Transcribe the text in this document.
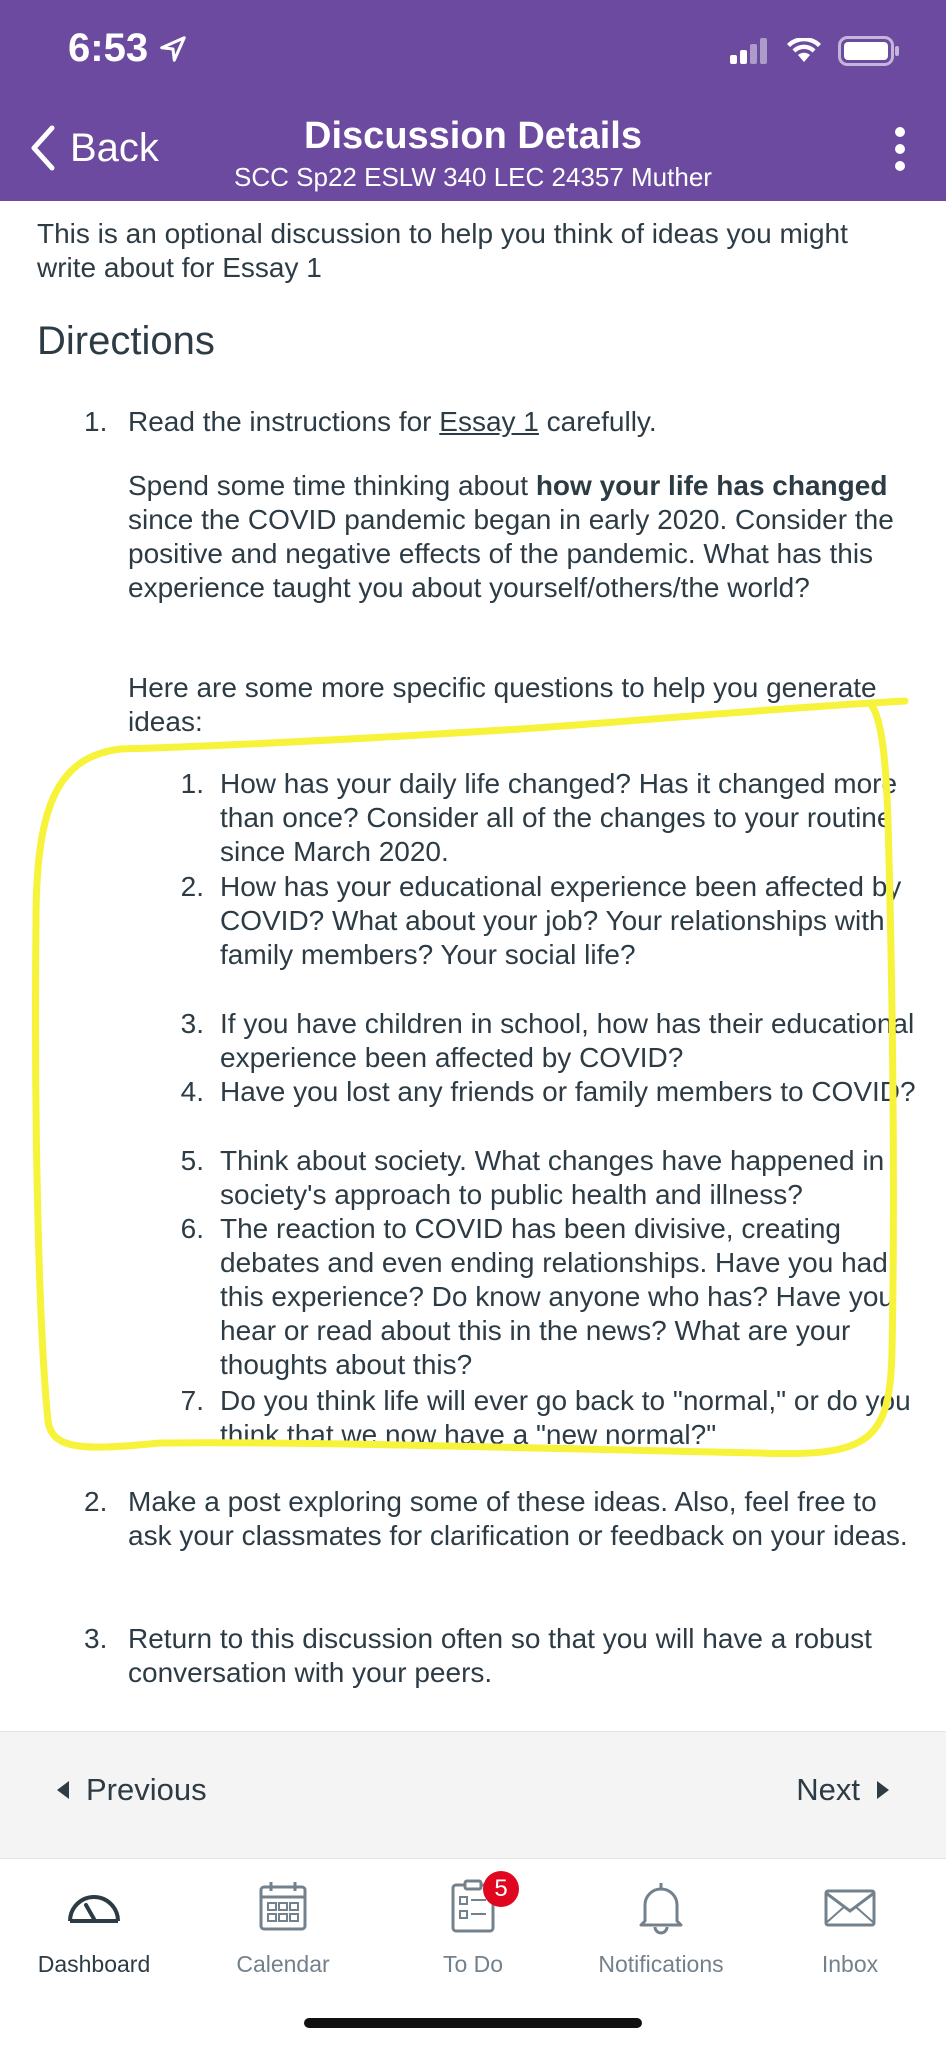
6:53
Back	Discussion Details
SCC Sp22 ESLW 340 LEC 24357 Muther

This is an optional discussion to help you think of ideas you might write about for Essay 1

Directions
1. Read the instructions for Essay 1 carefully.

Spend some time thinking about how your life has changed since the COVID pandemic began in early 2020. Consider the positive and negative effects of the pandemic. What has this experience taught you about yourself/others/the world?

Here are some more specific questions to help you generate ideas:

1. How has your daily life changed? Has it changed more than once? Consider all of the changes to your routine since March 2020.
2. How has your educational experience been affected by COVID? What about your job? Your relationships with family members? Your social life?
3. If you have children in school, how has their educational experience been affected by COVID?
4. Have you lost any friends or family members to COVID?
5. Think about society. What changes have happened in society's approach to public health and illness?
6. The reaction to COVID has been divisive, creating debates and even ending relationships. Have you had this experience? Do know anyone who has? Have you hear or read about this in the news? What are your thoughts about this?
7. Do you think life will ever go back to "normal," or do you think that we now have a "new normal?"
2. Make a post exploring some of these ideas. Also, feel free to ask your classmates for clarification or feedback on your ideas.
3. Return to this discussion often so that you will have a robust conversation with your peers.
Previous	Next
Dashboard	Calendar
5
To Do	Notifications	Inbox
